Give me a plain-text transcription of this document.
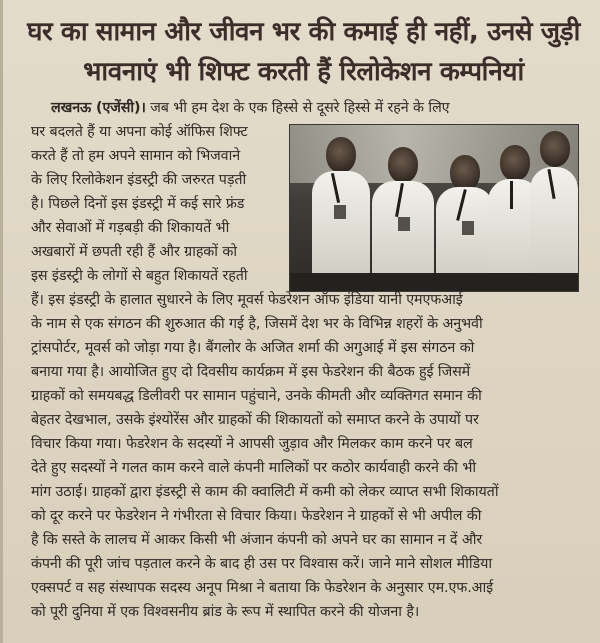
घर का सामान और जीवन भर की कमाई ही नहीं, उनसे जुड़ी
भावनाएं भी शिफ्ट करती हैं रिलोकेशन कम्पनियां
लखनऊ (एजेंसी)। जब भी हम देश के एक हिस्से से दूसरे हिस्से में रहने के लिए
घर बदलते हैं या अपना कोई ऑफिस शिफ्ट
करते हैं तो हम अपने सामान को भिजवाने
के लिए रिलोकेशन इंडस्ट्री की जरुरत पड़ती
है। पिछले दिनों इस इंडस्ट्री में कई सारे फ्रंड
और सेवाओं में गड़बड़ी की शिकायतें भी
अखबारों में छपती रही हैं और ग्राहकों को
इस इंडस्ट्री के लोगों से बहुत शिकायतें रहती
हैं। इस इंडस्ट्री के हालात सुधारने के लिए मूवर्स फेडरेशन ऑफ इंडिया यानी एमएफआई
के नाम से एक संगठन की शुरुआत की गई है, जिसमें देश भर के विभिन्न शहरों के अनुभवी
ट्रांसपोर्टर, मूवर्स को जोड़ा गया है। बैंगलोर के अजित शर्मा की अगुआई में इस संगठन को
बनाया गया है। आयोजित हुए दो दिवसीय कार्यक्रम में इस फेडरेशन की बैठक हुई जिसमें
ग्राहकों को समयबद्ध डिलीवरी पर सामान पहुंचाने, उनके कीमती और व्यक्तिगत समान की
बेहतर देखभाल, उसके इंश्योरेंस और ग्राहकों की शिकायतों को समाप्त करने के उपायों पर
विचार किया गया। फेडरेशन के सदस्यों ने आपसी जुड़ाव और मिलकर काम करने पर बल
देते हुए सदस्यों ने गलत काम करने वाले कंपनी मालिकों पर कठोर कार्यवाही करने की भी
मांग उठाई। ग्राहकों द्वारा इंडस्ट्री से काम की क्वालिटी में कमी को लेकर व्याप्त सभी शिकायतों
को दूर करने पर फेडरेशन ने गंभीरता से विचार किया। फेडरेशन ने ग्राहकों से भी अपील की
है कि सस्ते के लालच में आकर किसी भी अंजान कंपनी को अपने घर का सामान न दें और
कंपनी की पूरी जांच पड़ताल करने के बाद ही उस पर विश्वास करें। जाने माने सोशल मीडिया
एक्सपर्ट व सह संस्थापक सदस्य अनूप मिश्रा ने बताया कि फेडरेशन के अनुसार एम.एफ.आई
को पूरी दुनिया में एक विश्वसनीय ब्रांड के रूप में स्थापित करने की योजना है।
